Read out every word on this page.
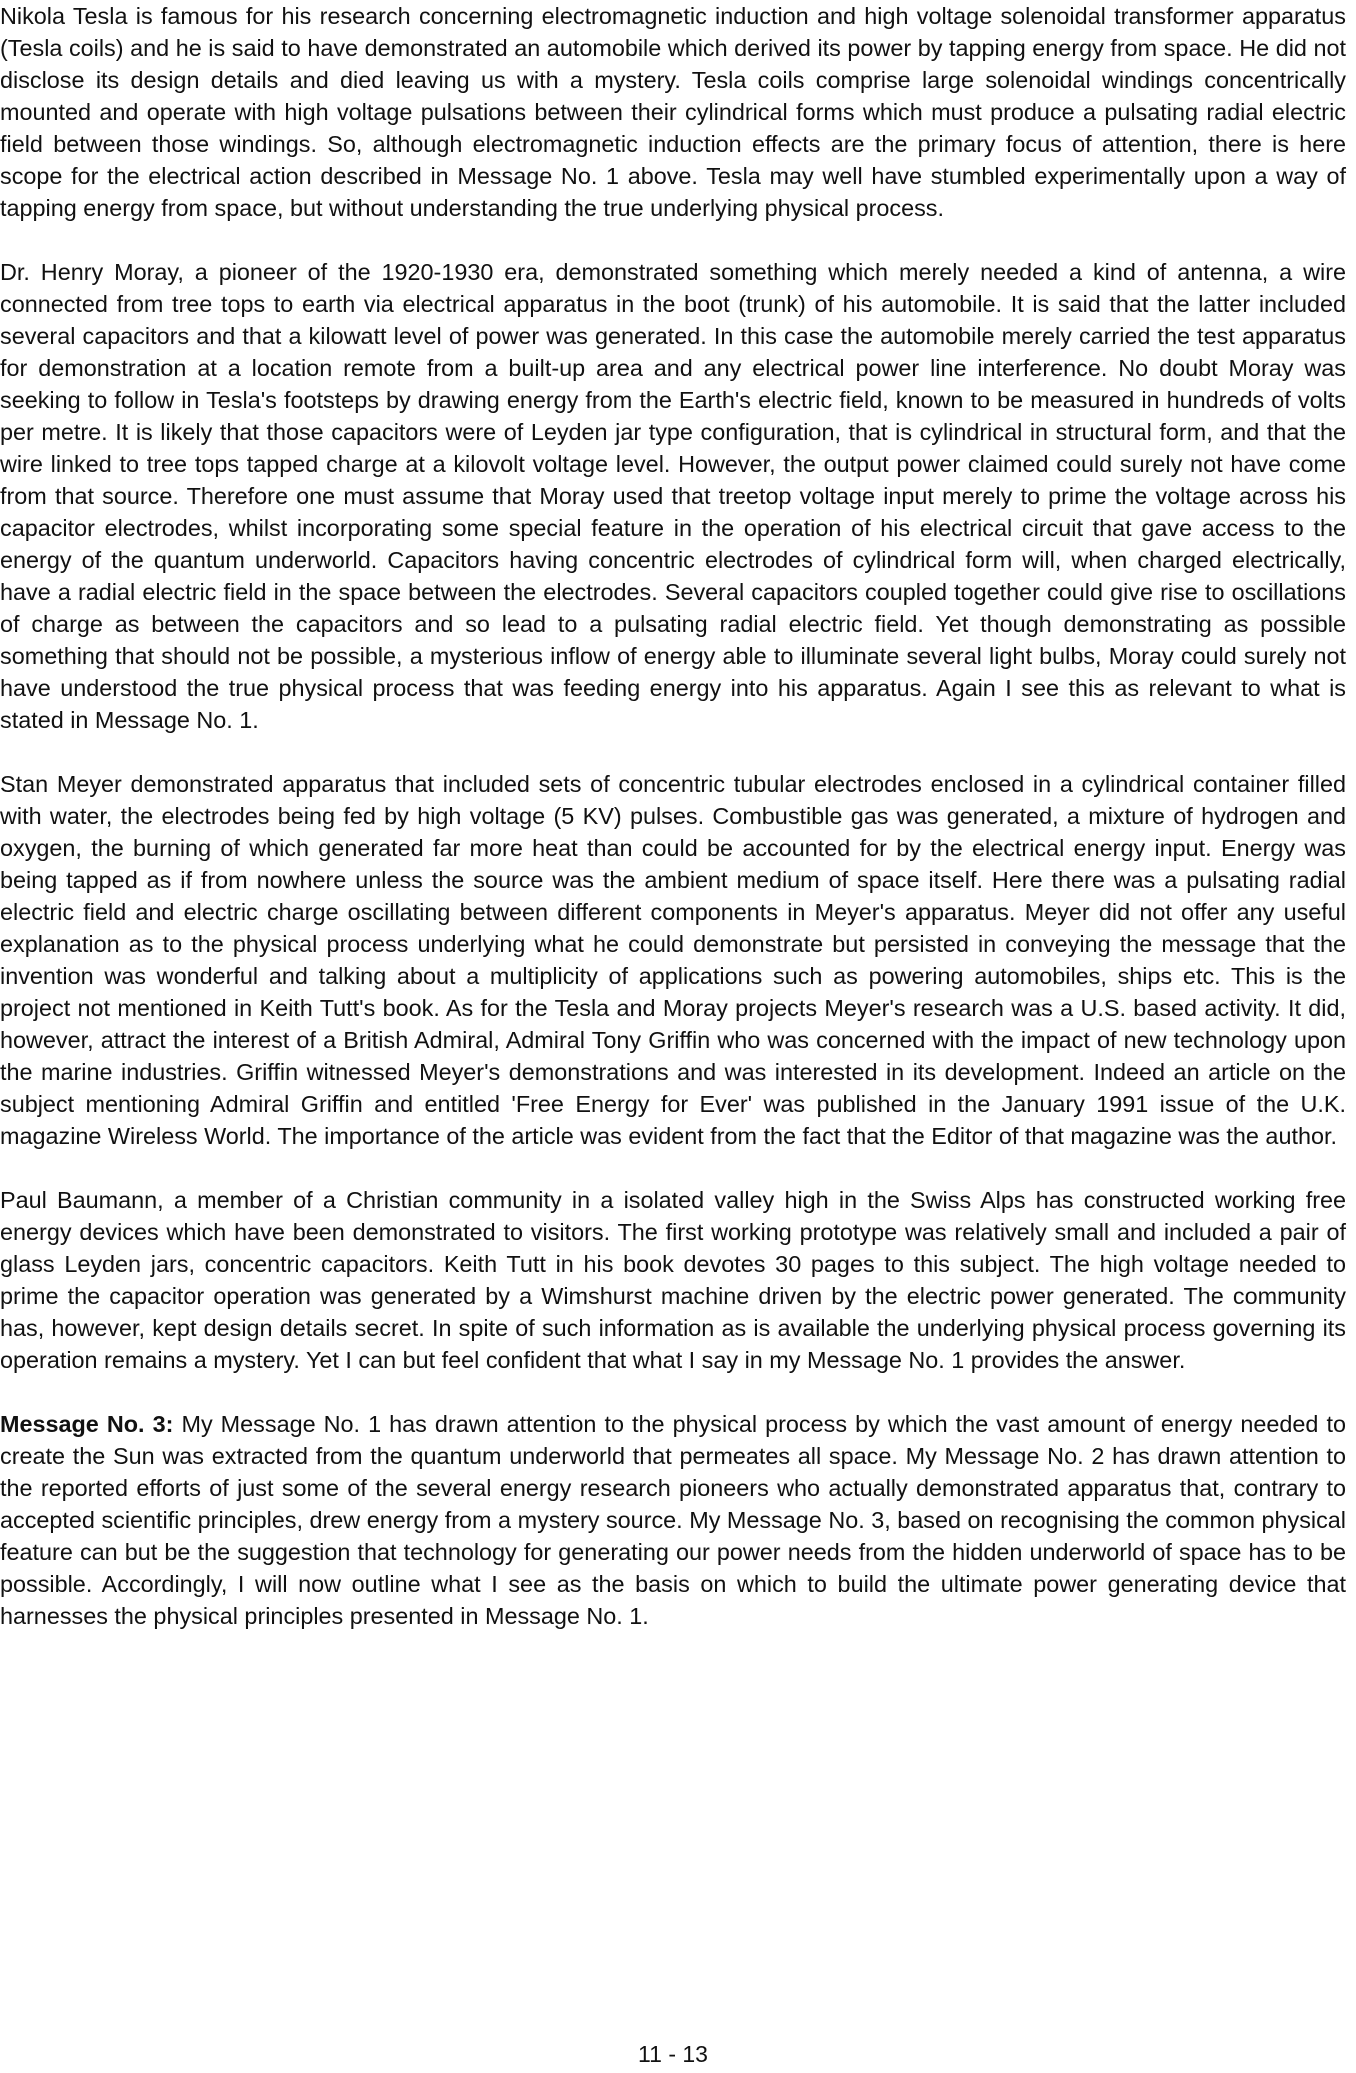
Nikola Tesla is famous for his research concerning electromagnetic induction and high voltage solenoidal transformer apparatus (Tesla coils) and he is said to have demonstrated an automobile which derived its power by tapping energy from space. He did not disclose its design details and died leaving us with a mystery. Tesla coils comprise large solenoidal windings concentrically mounted and operate with high voltage pulsations between their cylindrical forms which must produce a pulsating radial electric field between those windings. So, although electromagnetic induction effects are the primary focus of attention, there is here scope for the electrical action described in Message No. 1 above. Tesla may well have stumbled experimentally upon a way of tapping energy from space, but without understanding the true underlying physical process.

Dr. Henry Moray, a pioneer of the 1920-1930 era, demonstrated something which merely needed a kind of antenna, a wire connected from tree tops to earth via electrical apparatus in the boot (trunk) of his automobile. It is said that the latter included several capacitors and that a kilowatt level of power was generated. In this case the automobile merely carried the test apparatus for demonstration at a location remote from a built-up area and any electrical power line interference. No doubt Moray was seeking to follow in Tesla's footsteps by drawing energy from the Earth's electric field, known to be measured in hundreds of volts per metre. It is likely that those capacitors were of Leyden jar type configuration, that is cylindrical in structural form, and that the wire linked to tree tops tapped charge at a kilovolt voltage level. However, the output power claimed could surely not have come from that source. Therefore one must assume that Moray used that treetop voltage input merely to prime the voltage across his capacitor electrodes, whilst incorporating some special feature in the operation of his electrical circuit that gave access to the energy of the quantum underworld. Capacitors having concentric electrodes of cylindrical form will, when charged electrically, have a radial electric field in the space between the electrodes. Several capacitors coupled together could give rise to oscillations of charge as between the capacitors and so lead to a pulsating radial electric field. Yet though demonstrating as possible something that should not be possible, a mysterious inflow of energy able to illuminate several light bulbs, Moray could surely not have understood the true physical process that was feeding energy into his apparatus. Again I see this as relevant to what is stated in Message No. 1.

Stan Meyer demonstrated apparatus that included sets of concentric tubular electrodes enclosed in a cylindrical container filled with water, the electrodes being fed by high voltage (5 KV) pulses. Combustible gas was generated, a mixture of hydrogen and oxygen, the burning of which generated far more heat than could be accounted for by the electrical energy input. Energy was being tapped as if from nowhere unless the source was the ambient medium of space itself. Here there was a pulsating radial electric field and electric charge oscillating between different components in Meyer's apparatus. Meyer did not offer any useful explanation as to the physical process underlying what he could demonstrate but persisted in conveying the message that the invention was wonderful and talking about a multiplicity of applications such as powering automobiles, ships etc. This is the project not mentioned in Keith Tutt's book. As for the Tesla and Moray projects Meyer's research was a U.S. based activity. It did, however, attract the interest of a British Admiral, Admiral Tony Griffin who was concerned with the impact of new technology upon the marine industries. Griffin witnessed Meyer's demonstrations and was interested in its development. Indeed an article on the subject mentioning Admiral Griffin and entitled 'Free Energy for Ever' was published in the January 1991 issue of the U.K. magazine Wireless World. The importance of the article was evident from the fact that the Editor of that magazine was the author.

Paul Baumann, a member of a Christian community in a isolated valley high in the Swiss Alps has constructed working free energy devices which have been demonstrated to visitors. The first working prototype was relatively small and included a pair of glass Leyden jars, concentric capacitors. Keith Tutt in his book devotes 30 pages to this subject. The high voltage needed to prime the capacitor operation was generated by a Wimshurst machine driven by the electric power generated. The community has, however, kept design details secret. In spite of such information as is available the underlying physical process governing its operation remains a mystery. Yet I can but feel confident that what I say in my Message No. 1 provides the answer.

Message No. 3: My Message No. 1 has drawn attention to the physical process by which the vast amount of energy needed to create the Sun was extracted from the quantum underworld that permeates all space. My Message No. 2 has drawn attention to the reported efforts of just some of the several energy research pioneers who actually demonstrated apparatus that, contrary to accepted scientific principles, drew energy from a mystery source. My Message No. 3, based on recognising the common physical feature can but be the suggestion that technology for generating our power needs from the hidden underworld of space has to be possible. Accordingly, I will now outline what I see as the basis on which to build the ultimate power generating device that harnesses the physical principles presented in Message No. 1.

11 - 13
